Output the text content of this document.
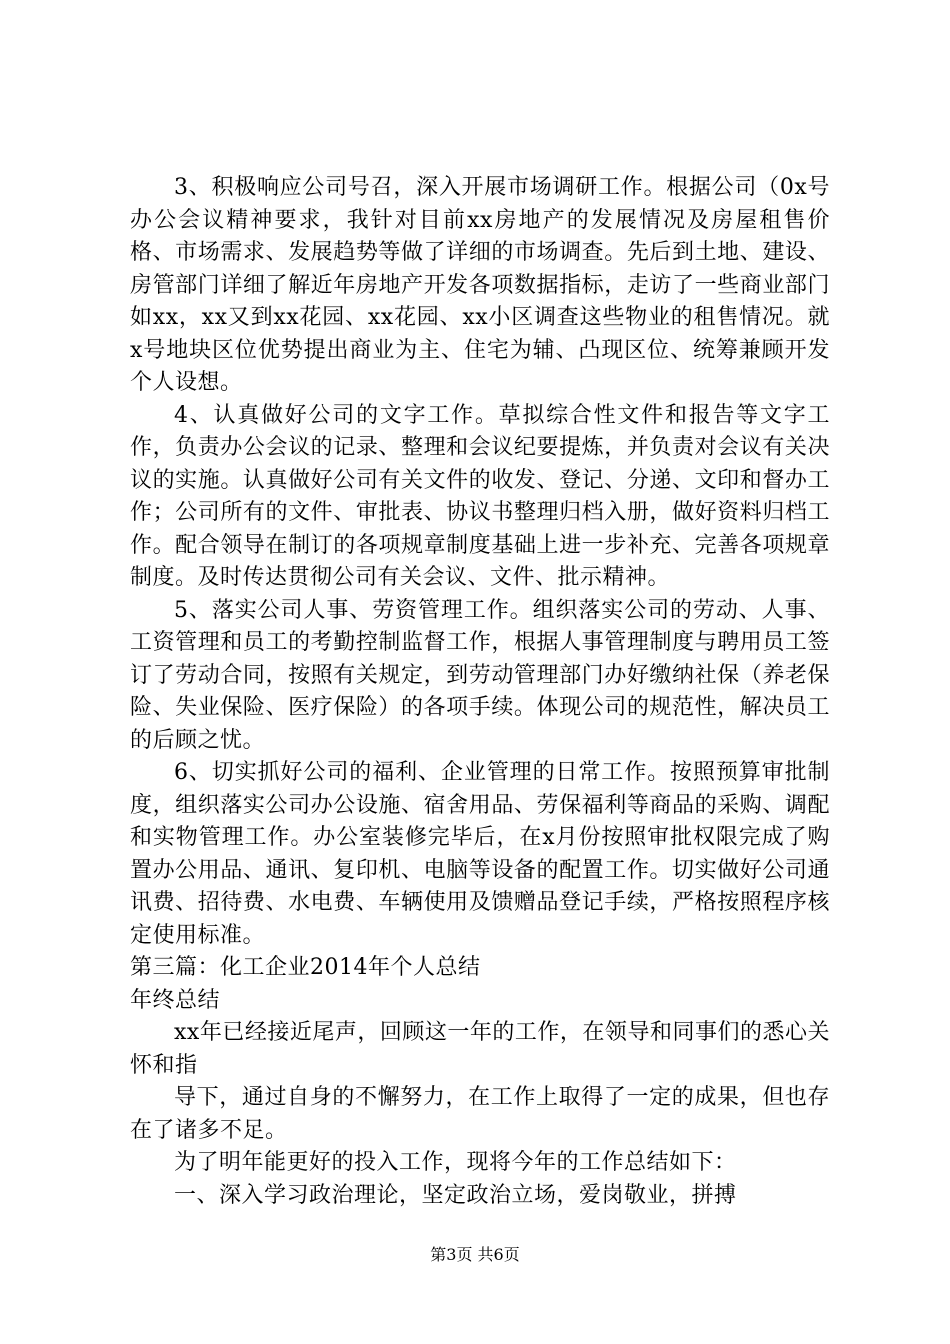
3、积极响应公司号召，深入开展市场调研工作。根据公司（0x号办公会议精神要求，我针对目前xx房地产的发展情况及房屋租售价格、市场需求、发展趋势等做了详细的市场调查。先后到土地、建设、房管部门详细了解近年房地产开发各项数据指标，走访了一些商业部门如xx，xx又到xx花园、xx花园、xx小区调查这些物业的租售情况。就x号地块区位优势提出商业为主、住宅为辅、凸现区位、统筹兼顾开发个人设想。

4、认真做好公司的文字工作。草拟综合性文件和报告等文字工作，负责办公会议的记录、整理和会议纪要提炼，并负责对会议有关决议的实施。认真做好公司有关文件的收发、登记、分递、文印和督办工作；公司所有的文件、审批表、协议书整理归档入册，做好资料归档工作。配合领导在制订的各项规章制度基础上进一步补充、完善各项规章制度。及时传达贯彻公司有关会议、文件、批示精神。

5、落实公司人事、劳资管理工作。组织落实公司的劳动、人事、工资管理和员工的考勤控制监督工作，根据人事管理制度与聘用员工签订了劳动合同，按照有关规定，到劳动管理部门办好缴纳社保（养老保险、失业保险、医疗保险）的各项手续。体现公司的规范性，解决员工的后顾之忧。

6、切实抓好公司的福利、企业管理的日常工作。按照预算审批制度，组织落实公司办公设施、宿舍用品、劳保福利等商品的采购、调配和实物管理工作。办公室装修完毕后，在x月份按照审批权限完成了购置办公用品、通讯、复印机、电脑等设备的配置工作。切实做好公司通讯费、招待费、水电费、车辆使用及馈赠品登记手续，严格按照程序核定使用标准。

第三篇：化工企业2014年个人总结

年终总结

xx年已经接近尾声，回顾这一年的工作，在领导和同事们的悉心关怀和指

导下，通过自身的不懈努力，在工作上取得了一定的成果，但也存在了诸多不足。

为了明年能更好的投入工作，现将今年的工作总结如下：

一、深入学习政治理论，坚定政治立场，爱岗敬业，拼搏

第3页 共6页
